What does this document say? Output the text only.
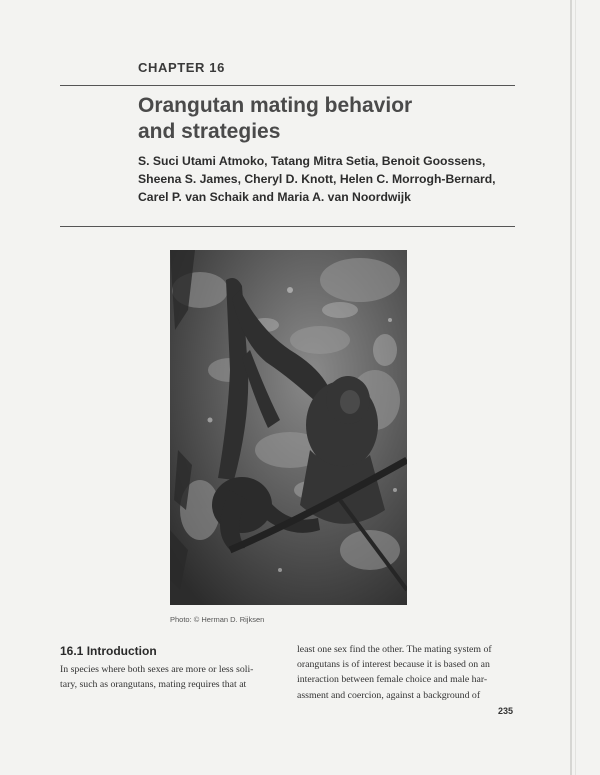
CHAPTER 16
Orangutan mating behavior
and strategies
S. Suci Utami Atmoko, Tatang Mitra Setia, Benoit Goossens,
Sheena S. James, Cheryl D. Knott, Helen C. Morrogh-Bernard,
Carel P. van Schaik and Maria A. van Noordwijk
Photo: © Herman D. Rijksen
16.1 Introduction
In species where both sexes are more or less soli-
tary, such as orangutans, mating requires that at
least one sex find the other. The mating system of
orangutans is of interest because it is based on an
interaction between female choice and male har-
assment and coercion, against a background of
235
